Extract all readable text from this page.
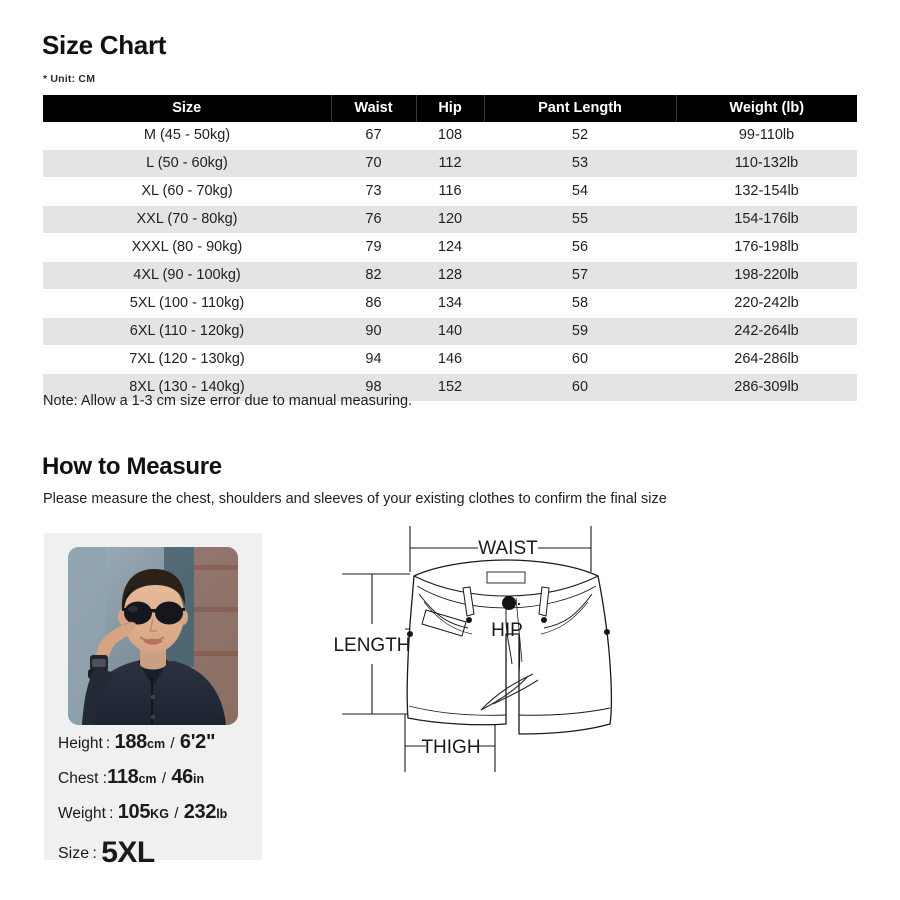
Size Chart
* Unit: CM
Size	Waist	Hip	Pant Length	Weight (lb)
M (45 - 50kg)	67	108	52	99-110lb
L (50 - 60kg)	70	112	53	110-132lb
XL (60 - 70kg)	73	116	54	132-154lb
XXL (70 - 80kg)	76	120	55	154-176lb
XXXL (80 - 90kg)	79	124	56	176-198lb
4XL (90 - 100kg)	82	128	57	198-220lb
5XL (100 - 110kg)	86	134	58	220-242lb
6XL (110 - 120kg)	90	140	59	242-264lb
7XL (120 - 130kg)	94	146	60	264-286lb
8XL (130 - 140kg)	98	152	60	286-309lb
Note: Allow a 1-3 cm size error due to manual measuring.
How to Measure
Please measure the chest, shoulders and sleeves of your existing clothes to confirm the final size
Height : 188cm / 6'2"
Chest :118cm / 46in
Weight : 105KG / 232lb
Size : 5XL
WAIST
HIP
LENGTH
THIGH
